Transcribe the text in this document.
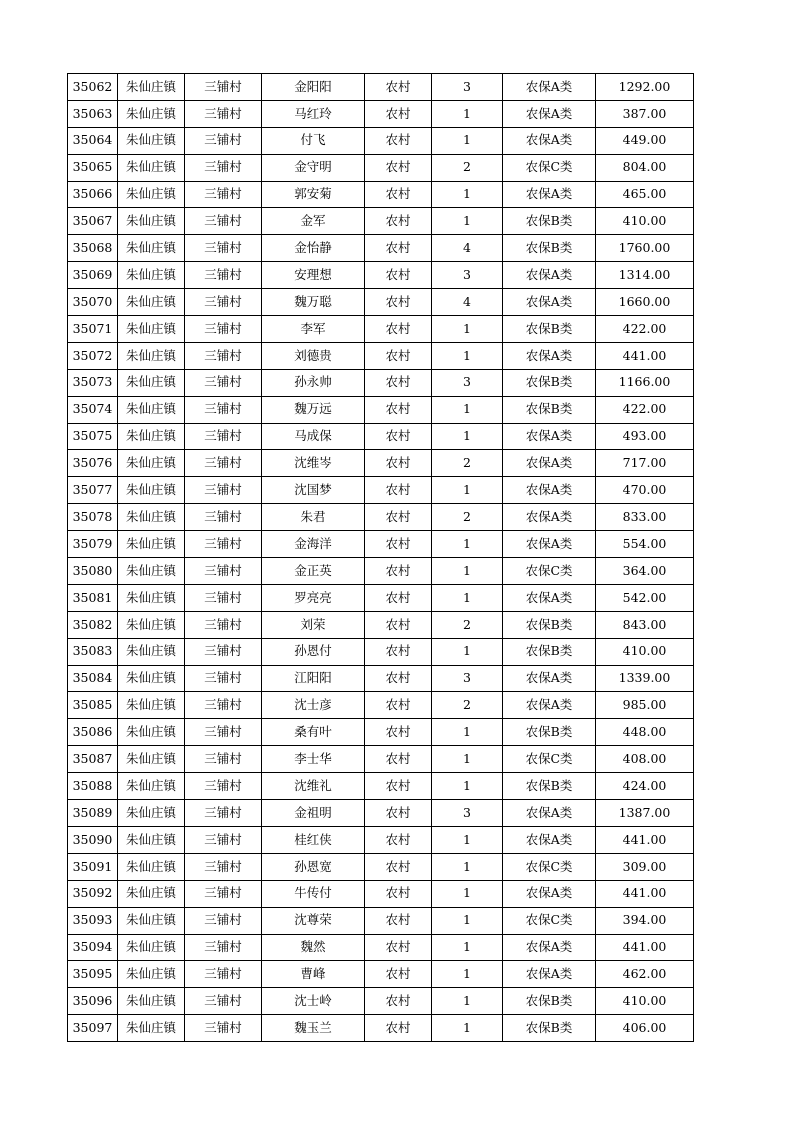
35062	朱仙庄镇	三铺村	金阳阳	农村	3	农保A类	1292.00
35063	朱仙庄镇	三铺村	马红玲	农村	1	农保A类	387.00
35064	朱仙庄镇	三铺村	付飞	农村	1	农保A类	449.00
35065	朱仙庄镇	三铺村	金守明	农村	2	农保C类	804.00
35066	朱仙庄镇	三铺村	郭安菊	农村	1	农保A类	465.00
35067	朱仙庄镇	三铺村	金军	农村	1	农保B类	410.00
35068	朱仙庄镇	三铺村	金怡静	农村	4	农保B类	1760.00
35069	朱仙庄镇	三铺村	安理想	农村	3	农保A类	1314.00
35070	朱仙庄镇	三铺村	魏万聪	农村	4	农保A类	1660.00
35071	朱仙庄镇	三铺村	李军	农村	1	农保B类	422.00
35072	朱仙庄镇	三铺村	刘德贵	农村	1	农保A类	441.00
35073	朱仙庄镇	三铺村	孙永帅	农村	3	农保B类	1166.00
35074	朱仙庄镇	三铺村	魏万远	农村	1	农保B类	422.00
35075	朱仙庄镇	三铺村	马成保	农村	1	农保A类	493.00
35076	朱仙庄镇	三铺村	沈维岑	农村	2	农保A类	717.00
35077	朱仙庄镇	三铺村	沈国梦	农村	1	农保A类	470.00
35078	朱仙庄镇	三铺村	朱君	农村	2	农保A类	833.00
35079	朱仙庄镇	三铺村	金海洋	农村	1	农保A类	554.00
35080	朱仙庄镇	三铺村	金正英	农村	1	农保C类	364.00
35081	朱仙庄镇	三铺村	罗亮亮	农村	1	农保A类	542.00
35082	朱仙庄镇	三铺村	刘荣	农村	2	农保B类	843.00
35083	朱仙庄镇	三铺村	孙恩付	农村	1	农保B类	410.00
35084	朱仙庄镇	三铺村	江阳阳	农村	3	农保A类	1339.00
35085	朱仙庄镇	三铺村	沈士彦	农村	2	农保A类	985.00
35086	朱仙庄镇	三铺村	桑有叶	农村	1	农保B类	448.00
35087	朱仙庄镇	三铺村	李士华	农村	1	农保C类	408.00
35088	朱仙庄镇	三铺村	沈维礼	农村	1	农保B类	424.00
35089	朱仙庄镇	三铺村	金祖明	农村	3	农保A类	1387.00
35090	朱仙庄镇	三铺村	桂红侠	农村	1	农保A类	441.00
35091	朱仙庄镇	三铺村	孙恩宽	农村	1	农保C类	309.00
35092	朱仙庄镇	三铺村	牛传付	农村	1	农保A类	441.00
35093	朱仙庄镇	三铺村	沈尊荣	农村	1	农保C类	394.00
35094	朱仙庄镇	三铺村	魏然	农村	1	农保A类	441.00
35095	朱仙庄镇	三铺村	曹峰	农村	1	农保A类	462.00
35096	朱仙庄镇	三铺村	沈士岭	农村	1	农保B类	410.00
35097	朱仙庄镇	三铺村	魏玉兰	农村	1	农保B类	406.00
